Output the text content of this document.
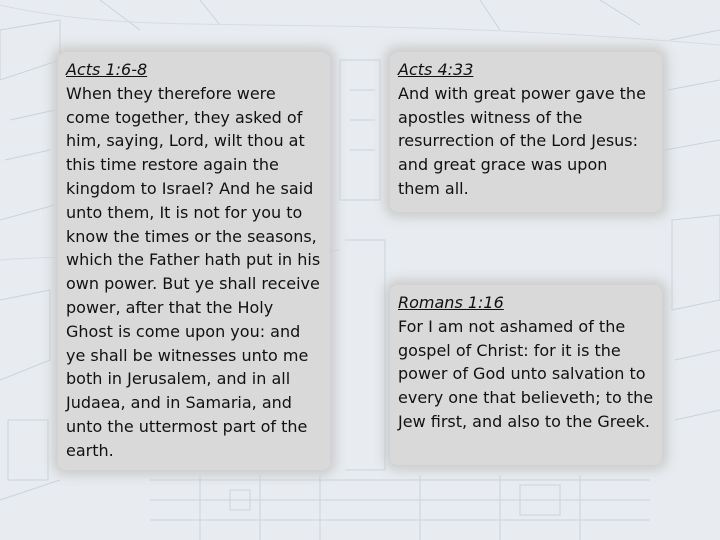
Acts 1:6-8
When they therefore were come together, they asked of him, saying, Lord, wilt thou at this time restore again the kingdom to Israel? And he said unto them, It is not for you to know the times or the seasons, which the Father hath put in his own power. But ye shall receive power, after that the Holy Ghost is come upon you: and ye shall be witnesses unto me both in Jerusalem, and in all Judaea, and in Samaria, and unto the uttermost part of the earth.
Acts 4:33
And with great power gave the apostles witness of the resurrection of the Lord Jesus: and great grace was upon them all.
Romans 1:16
For I am not ashamed of the gospel of Christ: for it is the power of God unto salvation to every one that believeth; to the Jew first, and also to the Greek.
